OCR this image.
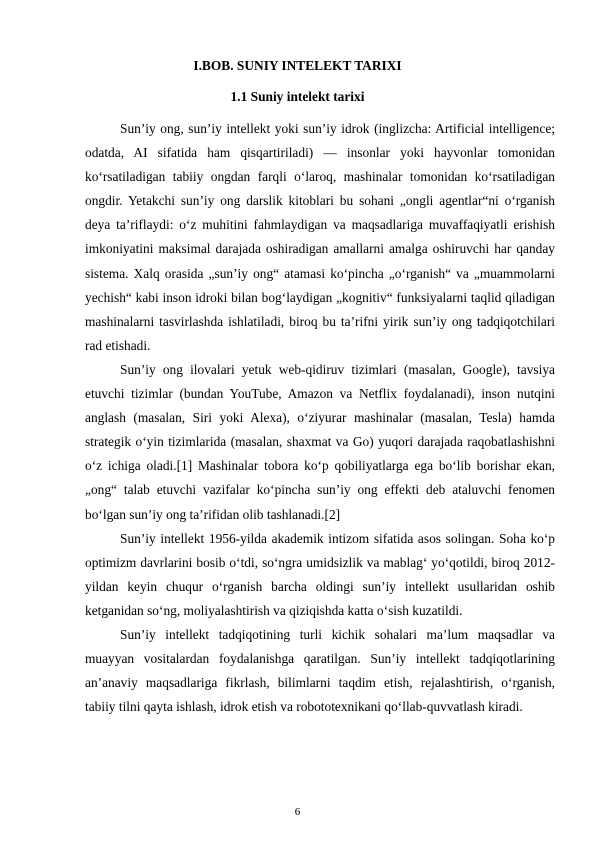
I.BOB. SUNIY INTELEKT TARIXI
1.1 Suniy intelekt tarixi

Sun’iy ong, sun’iy intellekt yoki sun’iy idrok (inglizcha: Artificial intelligence; odatda, AI sifatida ham qisqartiriladi) — insonlar yoki hayvonlar tomonidan ko‘rsatiladigan tabiiy ongdan farqli o‘laroq, mashinalar tomonidan ko‘rsatiladigan ongdir. Yetakchi sun’iy ong darslik kitoblari bu sohani „ongli agentlar“ni o‘rganish deya ta’riflaydi: o‘z muhitini fahmlaydigan va maqsadlariga muvaffaqiyatli erishish imkoniyatini maksimal darajada oshiradigan amallarni amalga oshiruvchi har qanday sistema. Xalq orasida „sun’iy ong“ atamasi ko‘pincha „o‘rganish“ va „muammolarni yechish“ kabi inson idroki bilan bog‘laydigan „kognitiv“ funksiyalarni taqlid qiladigan mashinalarni tasvirlashda ishlatiladi, biroq bu ta’rifni yirik sun’iy ong tadqiqotchilari rad etishadi.

Sun’iy ong ilovalari yetuk web-qidiruv tizimlari (masalan, Google), tavsiya etuvchi tizimlar (bundan YouTube, Amazon va Netflix foydalanadi), inson nutqini anglash (masalan, Siri yoki Alexa), o‘ziyurar mashinalar (masalan, Tesla) hamda strategik o‘yin tizimlarida (masalan, shaxmat va Go) yuqori darajada raqobatlashishni o‘z ichiga oladi.[1] Mashinalar tobora ko‘p qobiliyatlarga ega bo‘lib borishar ekan, „ong“ talab etuvchi vazifalar ko‘pincha sun’iy ong effekti deb ataluvchi fenomen bo‘lgan sun’iy ong ta’rifidan olib tashlanadi.[2]

Sun’iy intellekt 1956-yilda akademik intizom sifatida asos solingan. Soha ko‘p optimizm davrlarini bosib o‘tdi, so‘ngra umidsizlik va mablag‘ yo‘qotildi, biroq 2012-yildan keyin chuqur o‘rganish barcha oldingi sun’iy intellekt usullaridan oshib ketganidan so‘ng, moliyalashtirish va qiziqishda katta o‘sish kuzatildi.

Sun’iy intellekt tadqiqotining turli kichik sohalari ma’lum maqsadlar va muayyan vositalardan foydalanishga qaratilgan. Sun’iy intellekt tadqiqotlarining an’anaviy maqsadlariga fikrlash, bilimlarni taqdim etish, rejalashtirish, o‘rganish, tabiiy tilni qayta ishlash, idrok etish va robototexnikani qo‘llab-quvvatlash kiradi.

6
